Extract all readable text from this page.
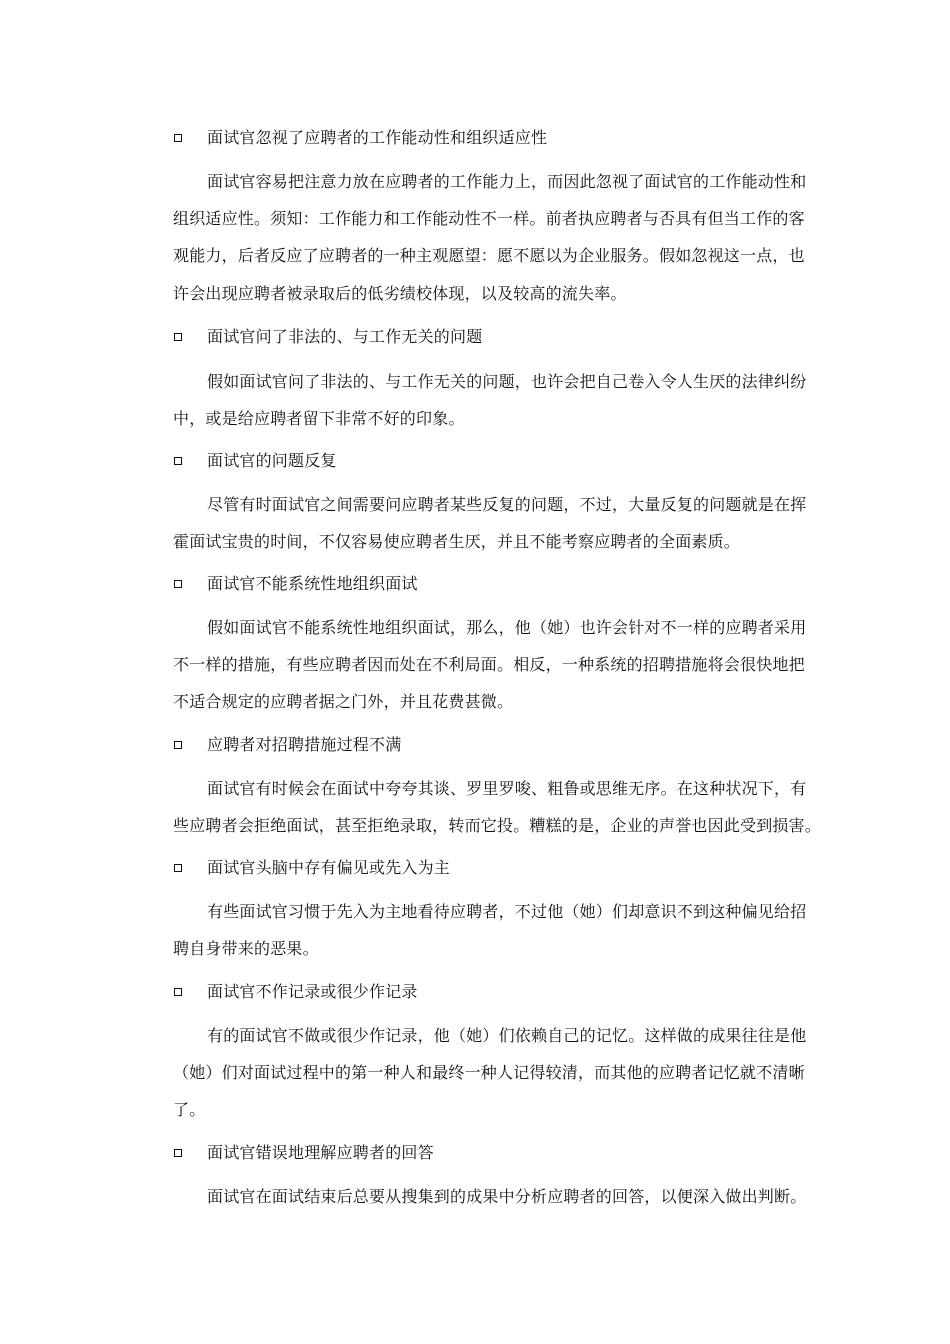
面试官忽视了应聘者的工作能动性和组织适应性
面试官容易把注意力放在应聘者的工作能力上，而因此忽视了面试官的工作能动性和
组织适应性。须知：工作能力和工作能动性不一样。前者执应聘者与否具有但当工作的客
观能力，后者反应了应聘者的一种主观愿望：愿不愿以为企业服务。假如忽视这一点，也
许会出现应聘者被录取后的低劣绩校体现，以及较高的流失率。
面试官问了非法的、与工作无关的问题
假如面试官问了非法的、与工作无关的问题，也许会把自己卷入令人生厌的法律纠纷
中，或是给应聘者留下非常不好的印象。
面试官的问题反复
尽管有时面试官之间需要问应聘者某些反复的问题，不过，大量反复的问题就是在挥
霍面试宝贵的时间，不仅容易使应聘者生厌，并且不能考察应聘者的全面素质。
面试官不能系统性地组织面试
假如面试官不能系统性地组织面试，那么，他（她）也许会针对不一样的应聘者采用
不一样的措施，有些应聘者因而处在不利局面。相反，一种系统的招聘措施将会很快地把
不适合规定的应聘者据之门外，并且花费甚微。
应聘者对招聘措施过程不满
面试官有时候会在面试中夸夸其谈、罗里罗唆、粗鲁或思维无序。在这种状况下，有
些应聘者会拒绝面试，甚至拒绝录取，转而它投。糟糕的是，企业的声誉也因此受到损害。
面试官头脑中存有偏见或先入为主
有些面试官习惯于先入为主地看待应聘者，不过他（她）们却意识不到这种偏见给招
聘自身带来的恶果。
面试官不作记录或很少作记录
有的面试官不做或很少作记录，他（她）们依赖自己的记忆。这样做的成果往往是他
（她）们对面试过程中的第一种人和最终一种人记得较清，而其他的应聘者记忆就不清晰
了。
面试官错误地理解应聘者的回答
面试官在面试结束后总要从搜集到的成果中分析应聘者的回答，以便深入做出判断。
